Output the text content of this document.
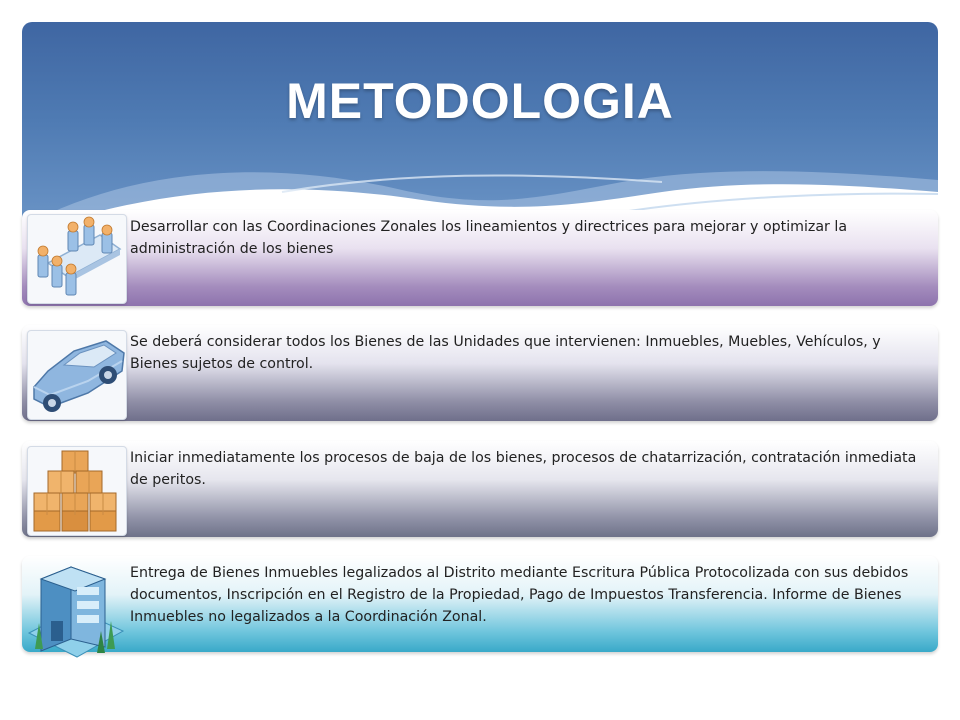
METODOLOGIA
Desarrollar con las Coordinaciones Zonales los lineamientos y directrices para mejorar y optimizar la administración de los bienes
Se deberá considerar todos los Bienes de las Unidades que intervienen: Inmuebles, Muebles, Vehículos, y Bienes sujetos de control.
Iniciar inmediatamente los procesos de baja de los bienes, procesos de chatarrización, contratación inmediata de peritos.
Entrega de Bienes Inmuebles legalizados al Distrito mediante Escritura Pública Protocolizada con sus debidos documentos, Inscripción en el Registro de la Propiedad, Pago de Impuestos Transferencia. Informe de Bienes Inmuebles no legalizados a la Coordinación Zonal.
